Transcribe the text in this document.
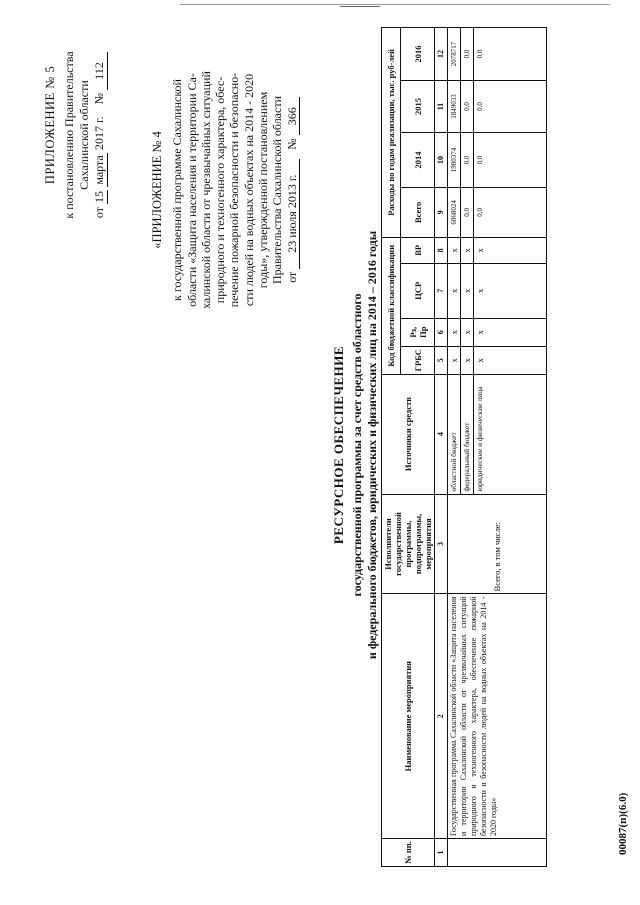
ПРИЛОЖЕНИЕ № 5 к постановлению Правительства Сахалинской области
от 15 марта 2017 г.    № 112
«ПРИЛОЖЕНИЕ № 4 к государственной программе Сахалинской области «Защита населения и территории Са- халинской области от чрезвычайных ситуаций природного и техногенного характера, обес- печение пожарной безопасности и безопасно- сти людей на водных объектах на 2014 - 2020 годы», утвержденной постановлением Правительства Сахалинской области от 23 июля 2013 г.   № 366
РЕСУРСНОЕ ОБЕСПЕЧЕНИЕ государственной программы за счет средств областного и федерального бюджетов, юридических и физических лиц на 2014 – 2016 годы
№ пп.	Наименование мероприятия	Исполнители государственной программы, подпрограммы, мероприятия	Источники средств	Код бюджетной классификации				Расходы по годам реализации, тыс. руб-лей			
				ГРБС	Рз, Пр	ЦСР	ВР	Всего	2014	2015	2016
1	2	3	4	5	6	7	8	9	10	11	12
	Государственная программа Сахалинской области «Защита населения и территории Сахалинской области от чрезвычайных ситуаций природного и техногенного характера, обеспечение пожарной безопасности и безопасности людей на водных объектах на 2014 - 2020 годы»	Всего, в том числе:	областной бюджет	х	х	х	х	6068024	1980374	1849033	2078717
			федеральный бюджет	х	х	х	х	0,0	0,0	0,0	0,0
			юридические и физические лица	х	х	х	х	0,0	0,0	0,0	0,0
00087(п)(6.0)
